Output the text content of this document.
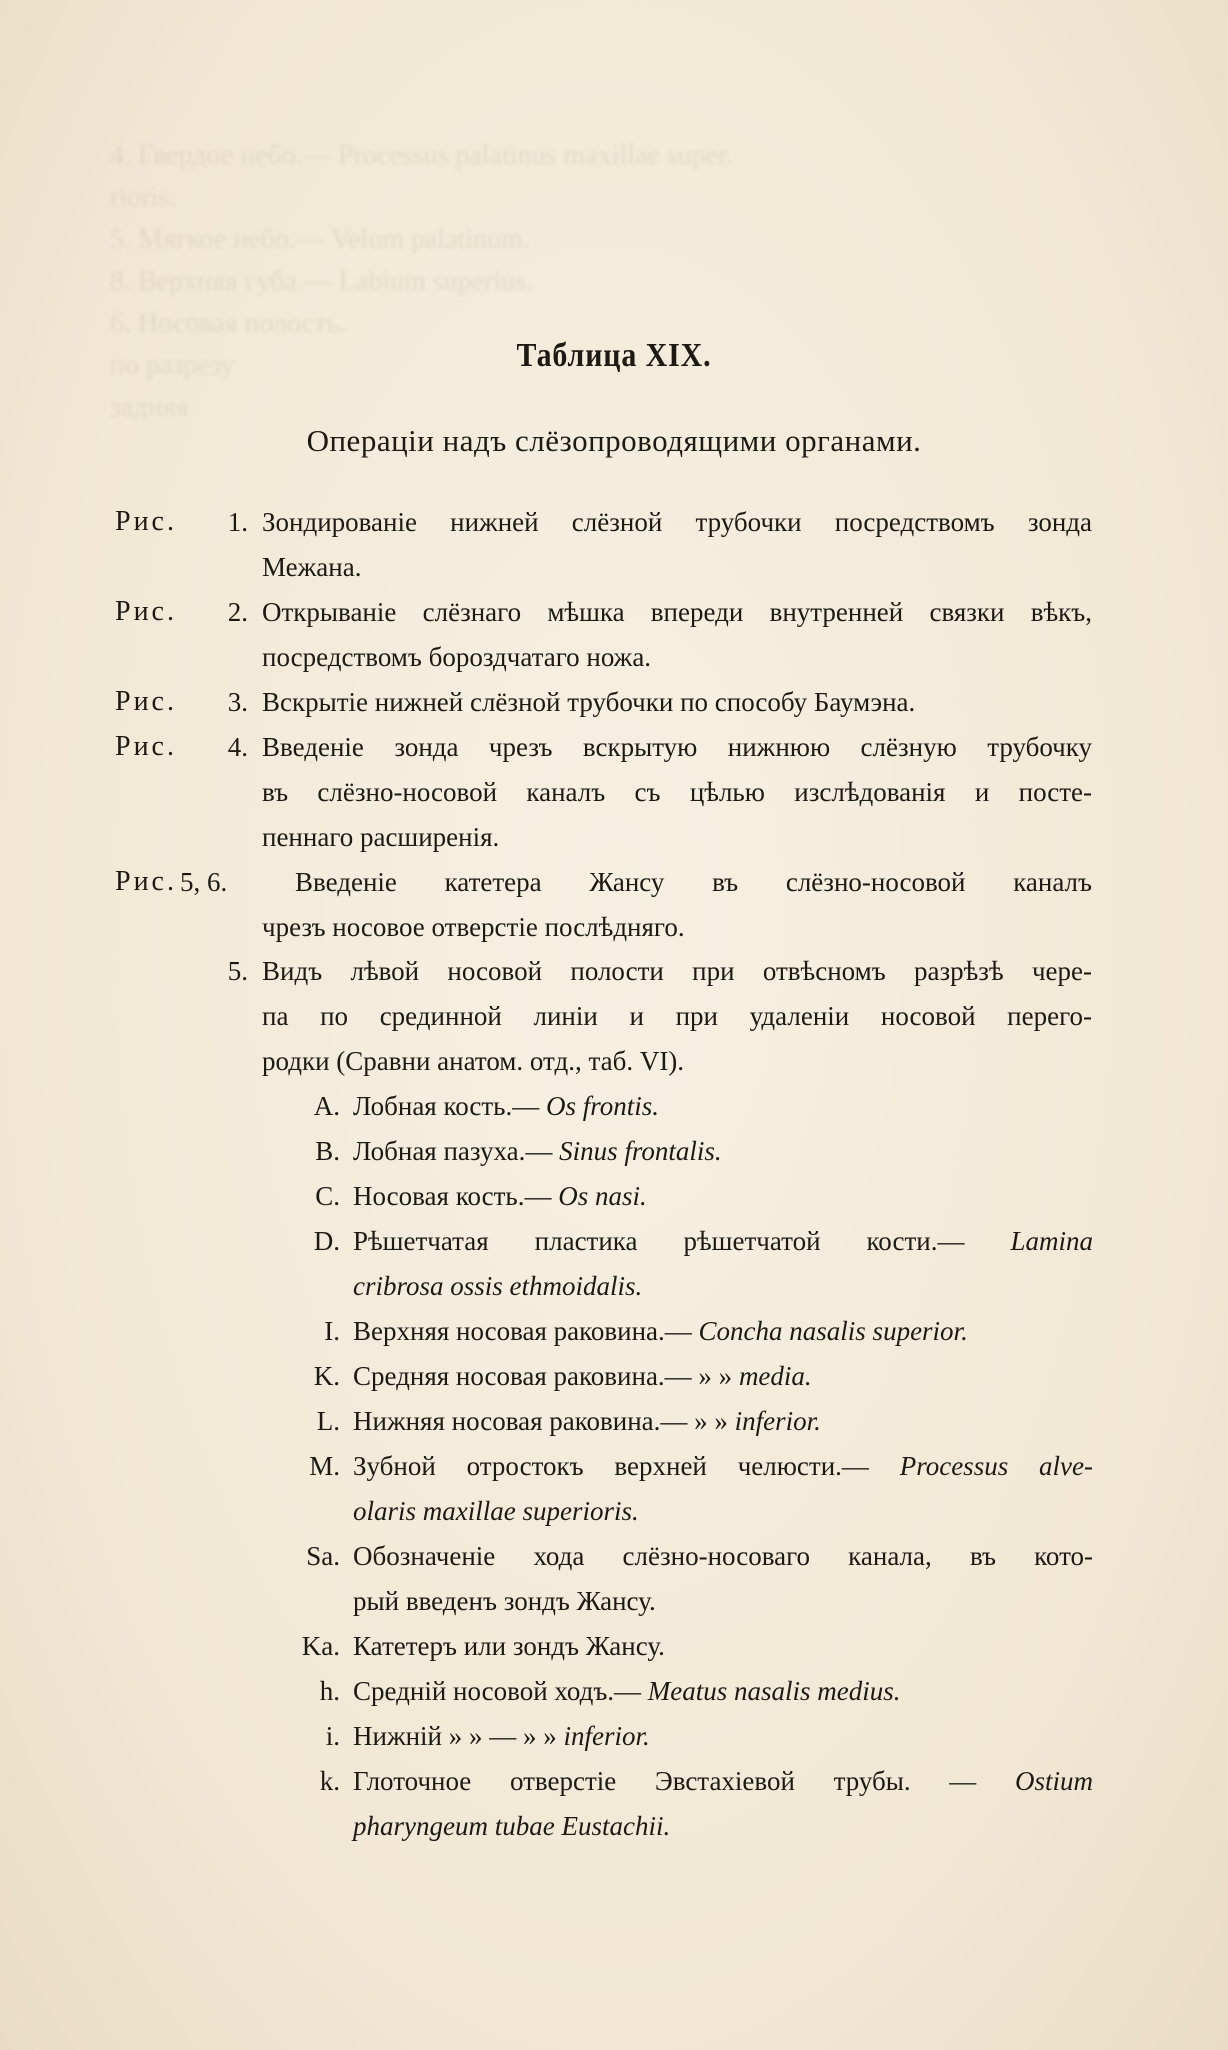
4. Гвердое небо.— Processus palatinus maxillae super.
rioris.
5. Мягкое небо.— Velum palatinum.
8. Верхняя губа.— Labium superius.
6. Носовая полость.
по разрезу
задняя
Таблица XIX.
Операцiи надъ слёзопроводящими органами.
Рис.	1. Зондированiе нижней слёзной трубочки посредствомъ зонда
Межана.
Рис.	2. Открыванiе слёзнаго мѣшка впереди внутренней связки вѣкъ,
посредствомъ бороздчатаго ножа.
Рис.	3. Вскрытiе нижней слёзной трубочки по способу Баумэна.
Рис.	4. Введенiе зонда чрезъ вскрытую нижнюю слёзную трубочку
въ слёзно-носовой каналъ съ цѣлью изслѣдованiя и посте-
пеннаго расширенiя.
Рис. 5, 6.	Введенiе катетера Жансу въ слёзно-носовой каналъ
чрезъ носовое отверстiе послѣдняго.
5. Видъ лѣвой носовой полости при отвѣсномъ разрѣзѣ чере-
па по срединной линiи и при удаленiи носовой перего-
родки (Сравни анатом. отд., таб. VI).
A. Лобная кость.— Os frontis.
B. Лобная пазуха.— Sinus frontalis.
C. Носовая кость.— Os nasi.
D. Рѣшетчатая пластика рѣшетчатой кости.— Lamina
cribrosa ossis ethmoidalis.
I. Верхняя носовая раковина.— Concha nasalis superior.
K. Средняя носовая раковина.— » » media.
L. Нижняя носовая раковина.— » » inferior.
M. Зубной отростокъ верхней челюсти.— Processus alve-
olaris maxillae superioris.
Sa. Обозначенiе хода слёзно-носоваго канала, въ кото-
рый введенъ зондъ Жансу.
Ka. Катетеръ или зондъ Жансу.
h. Среднiй носовой ходъ.— Meatus nasalis medius.
i. Нижнiй » » — » » inferior.
k. Глоточное отверстiе Эвстахiевой трубы. — Ostium
pharyngeum tubae Eustachii.
